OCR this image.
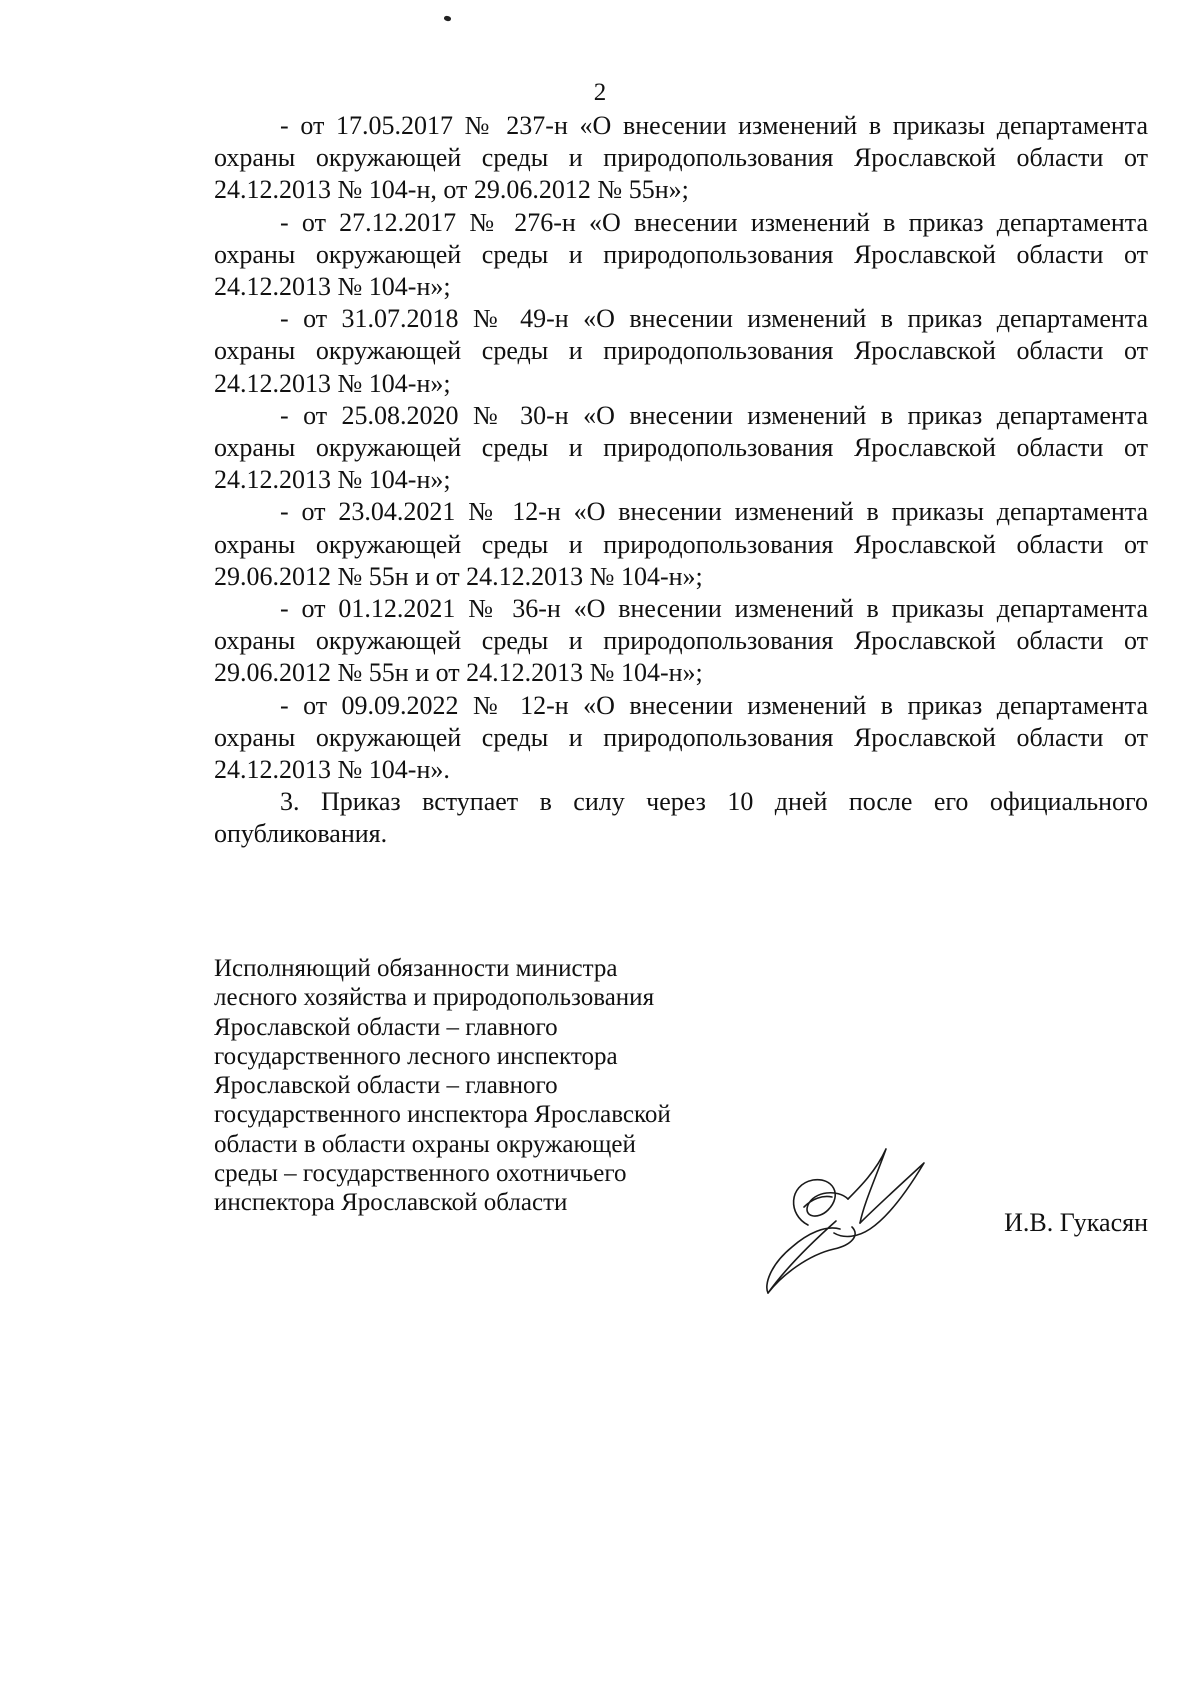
2

- от 17.05.2017 № 237-н «О внесении изменений в приказы департамента охраны окружающей среды и природопользования Ярославской области от 24.12.2013 № 104-н, от 29.06.2012 № 55н»;

- от 27.12.2017 № 276-н «О внесении изменений в приказ департамента охраны окружающей среды и природопользования Ярославской области от 24.12.2013 № 104-н»;

- от 31.07.2018 № 49-н «О внесении изменений в приказ департамента охраны окружающей среды и природопользования Ярославской области от 24.12.2013 № 104-н»;

- от 25.08.2020 № 30-н «О внесении изменений в приказ департамента охраны окружающей среды и природопользования Ярославской области от 24.12.2013 № 104-н»;

- от 23.04.2021 № 12-н «О внесении изменений в приказы департамента охраны окружающей среды и природопользования Ярославской области от 29.06.2012 № 55н и от 24.12.2013 № 104-н»;

- от 01.12.2021 № 36-н «О внесении изменений в приказы департамента охраны окружающей среды и природопользования Ярославской области от 29.06.2012 № 55н и от 24.12.2013 № 104-н»;

- от 09.09.2022 № 12-н «О внесении изменений в приказ департамента охраны окружающей среды и природопользования Ярославской области от 24.12.2013 № 104-н».

3. Приказ вступает в силу через 10 дней после его официального опубликования.

Исполняющий обязанности министра
лесного хозяйства и природопользования
Ярославской области – главного
государственного лесного инспектора
Ярославской области – главного
государственного инспектора Ярославской
области в области охраны окружающей
среды – государственного охотничьего
инспектора Ярославской области
И.В. Гукасян
